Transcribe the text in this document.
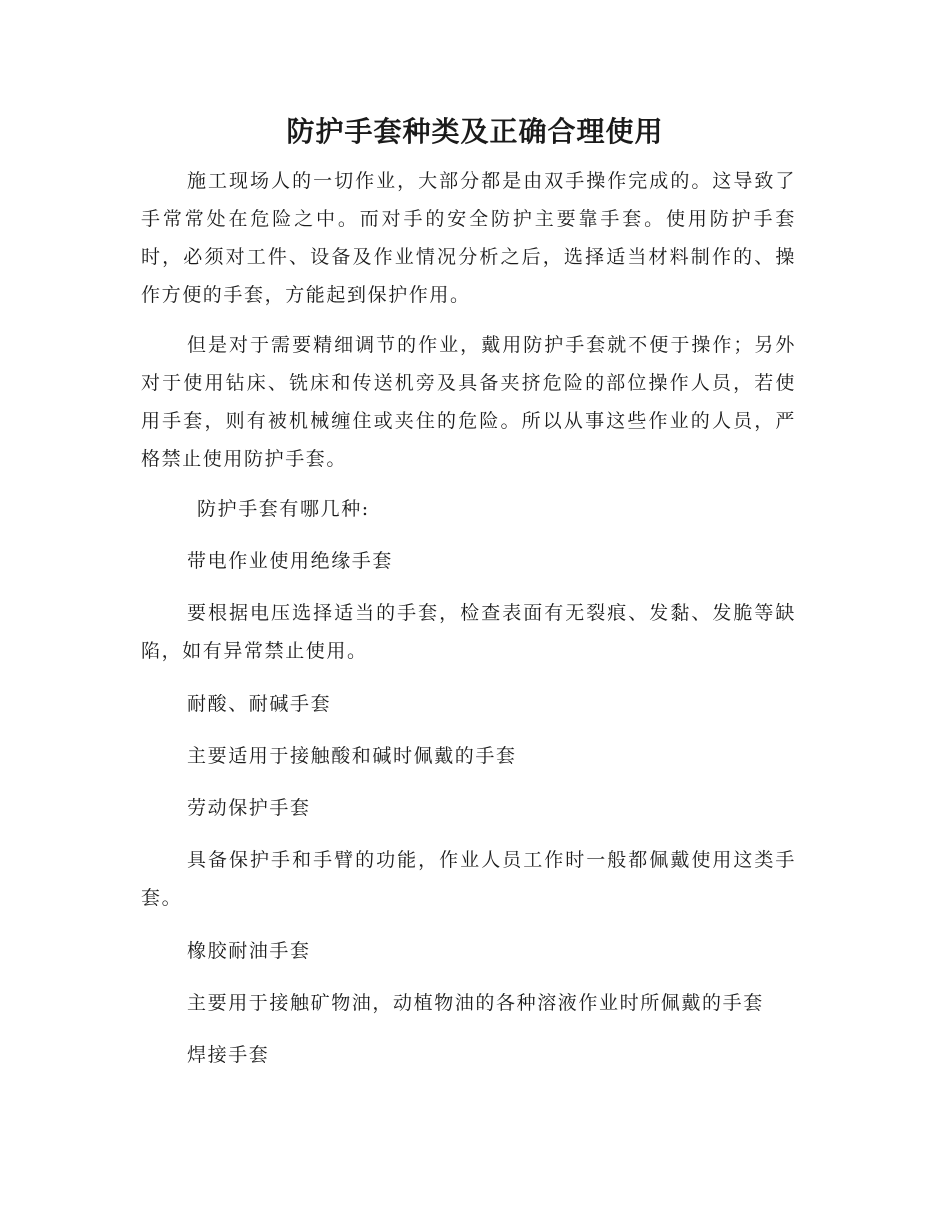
防护手套种类及正确合理使用

施工现场人的一切作业，大部分都是由双手操作完成的。这导致了手常常处在危险之中。而对手的安全防护主要靠手套。使用防护手套时，必须对工件、设备及作业情况分析之后，选择适当材料制作的、操作方便的手套，方能起到保护作用。

但是对于需要精细调节的作业，戴用防护手套就不便于操作；另外对于使用钻床、铣床和传送机旁及具备夹挤危险的部位操作人员，若使用手套，则有被机械缠住或夹住的危险。所以从事这些作业的人员，严格禁止使用防护手套。

防护手套有哪几种:

带电作业使用绝缘手套

要根据电压选择适当的手套，检查表面有无裂痕、发黏、发脆等缺陷，如有异常禁止使用。

耐酸、耐碱手套

主要适用于接触酸和碱时佩戴的手套

劳动保护手套

具备保护手和手臂的功能，作业人员工作时一般都佩戴使用这类手套。

橡胶耐油手套

主要用于接触矿物油，动植物油的各种溶液作业时所佩戴的手套

焊接手套
